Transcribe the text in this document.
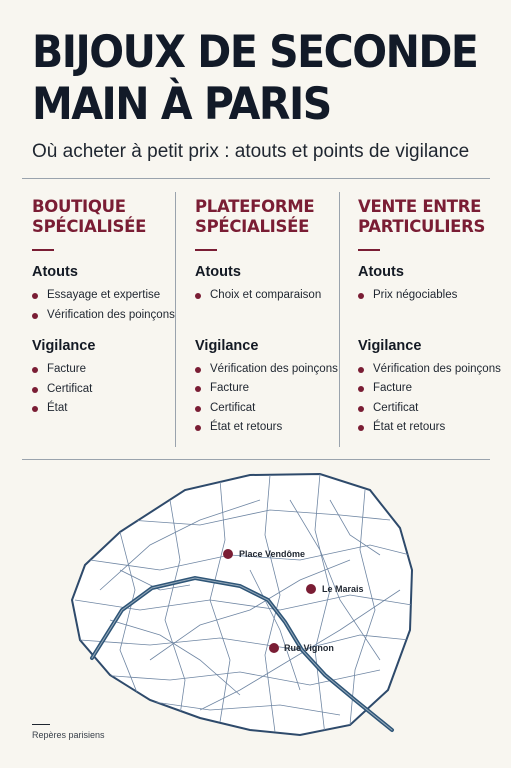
BIJOUX DE SECONDE
MAIN À PARIS
Où acheter à petit prix : atouts et points de vigilance
BOUTIQUE
SPÉCIALISÉE
Atouts
Essayage et expertise
Vérification des poinçons
Vigilance
Facture
Certificat
État
PLATEFORME
SPÉCIALISÉE
Atouts
Choix et comparaison
Vigilance
Vérification des poinçons
Facture
Certificat
État et retours
VENTE ENTRE
PARTICULIERS
Atouts
Prix négociables
Vigilance
Vérification des poinçons
Facture
Certificat
État et retours
Place Vendôme
Le Marais
Rue Vignon
Repères parisiens
